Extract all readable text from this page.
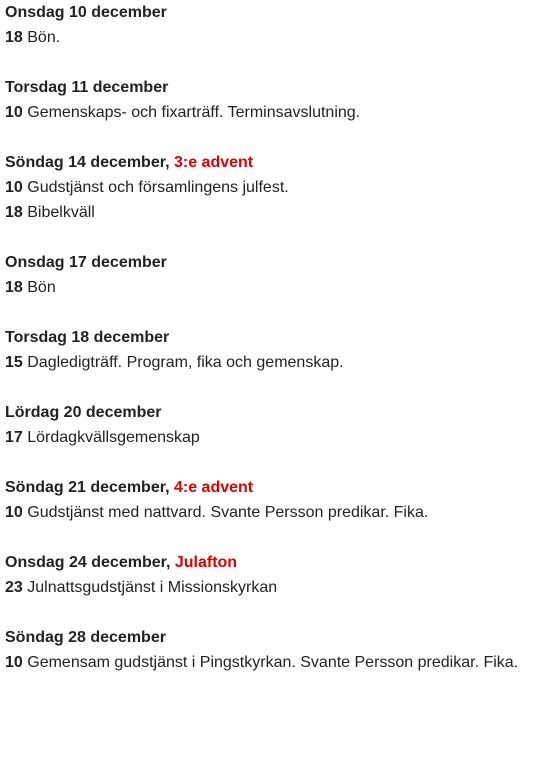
Onsdag 10 december
18 Bön.
Torsdag 11 december
10 Gemenskaps- och fixarträff. Terminsavslutning.
Söndag 14 december, 3:e advent
10 Gudstjänst och församlingens julfest.
18 Bibelkväll
Onsdag 17 december
18 Bön
Torsdag 18 december
15 Dagledigträff. Program, fika och gemenskap.
Lördag 20 december
17 Lördagkvällsgemenskap
Söndag 21 december, 4:e advent
10 Gudstjänst med nattvard. Svante Persson predikar. Fika.
Onsdag 24 december, Julafton
23 Julnattsgudstjänst i Missionskyrkan
Söndag 28 december
10 Gemensam gudstjänst i Pingstkyrkan. Svante Persson predikar. Fika.
